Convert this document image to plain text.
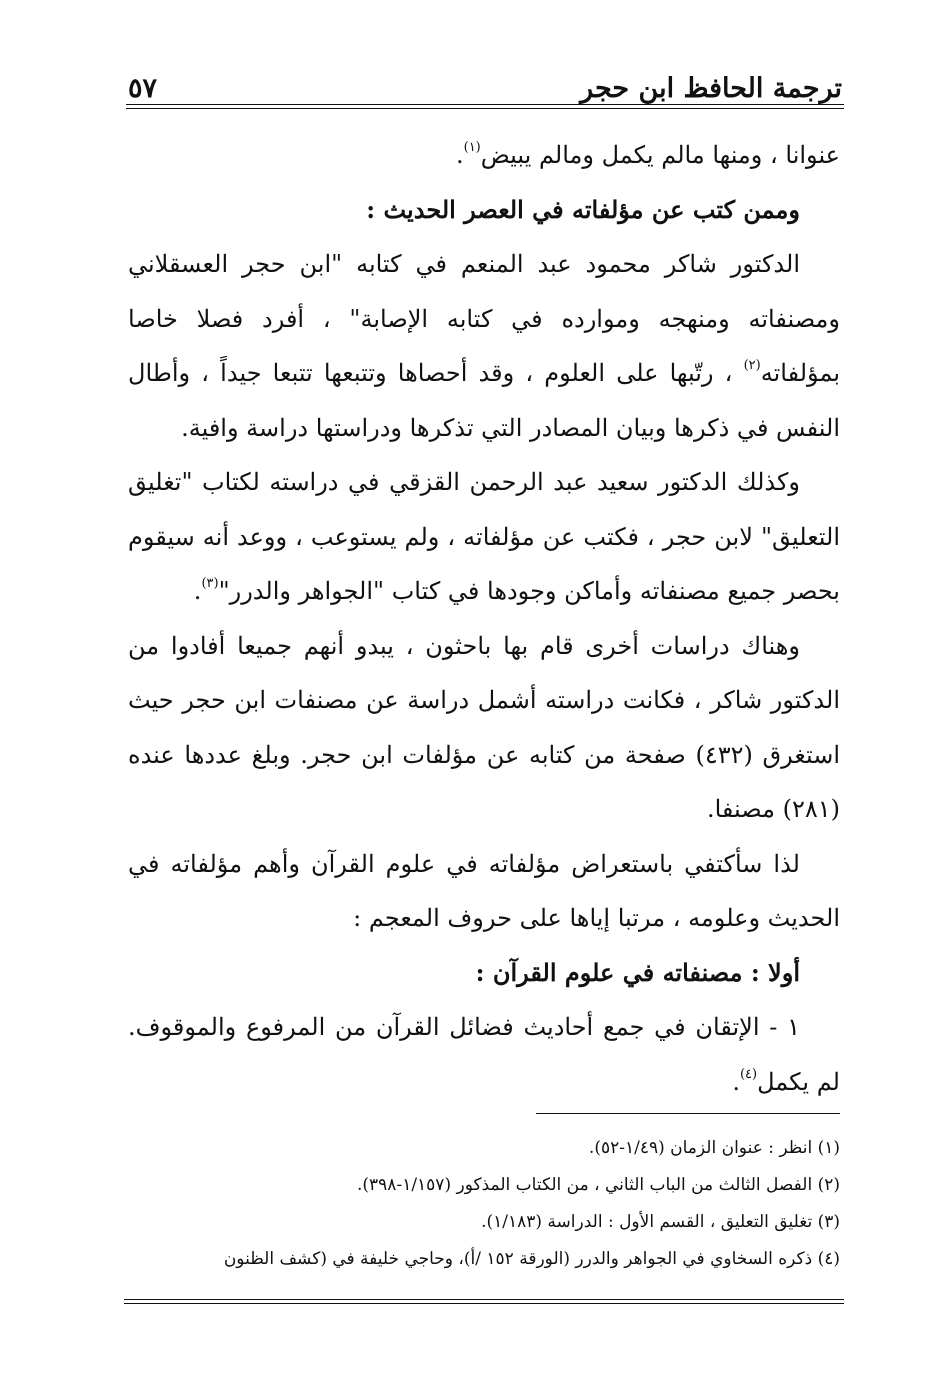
ترجمة الحافظ ابن حجر
٥٧

عنوانا ، ومنها مالم يكمل ومالم يبيض$^{(١)}$.

وممن كتب عن مؤلفاته في العصر الحديث :

الدكتور شاكر محمود عبد المنعم في كتابه "ابن حجر العسقلاني ومصنفاته ومنهجه وموارده في كتابه الإصابة" ، أفرد فصلا خاصا بمؤلفاته$^{(٢)}$ ، رتّبها على العلوم ، وقد أحصاها وتتبعها تتبعا جيداً ، وأطال النفس في ذكرها وبيان المصادر التي تذكرها ودراستها دراسة وافية.

وكذلك الدكتور سعيد عبد الرحمن القزقي في دراسته لكتاب "تغليق التعليق" لابن حجر ، فكتب عن مؤلفاته ، ولم يستوعب ، ووعد أنه سيقوم بحصر جميع مصنفاته وأماكن وجودها في كتاب "الجواهر والدرر"$^{(٣)}$.

وهناك دراسات أخرى قام بها باحثون ، يبدو أنهم جميعا أفادوا من الدكتور شاكر ، فكانت دراسته أشمل دراسة عن مصنفات ابن حجر حيث استغرق (٤٣٢) صفحة من كتابه عن مؤلفات ابن حجر. وبلغ عددها عنده (٢٨١) مصنفا.

لذا سأكتفي باستعراض مؤلفاته في علوم القرآن وأهم مؤلفاته في الحديث وعلومه ، مرتبا إياها على حروف المعجم :

أولا : مصنفاته في علوم القرآن :

١ - الإتقان في جمع أحاديث فضائل القرآن من المرفوع والموقوف. لم يكمل$^{(٤)}$.

(١) انظر : عنوان الزمان (١/٤٩-٥٢).

(٢) الفصل الثالث من الباب الثاني ، من الكتاب المذكور (١/١٥٧-٣٩٨).

(٣) تغليق التعليق ، القسم الأول : الدراسة (١/١٨٣).

(٤) ذكره السخاوي في الجواهر والدرر (الورقة ١٥٢ /أ)، وحاجي خليفة في (كشف الظنون
